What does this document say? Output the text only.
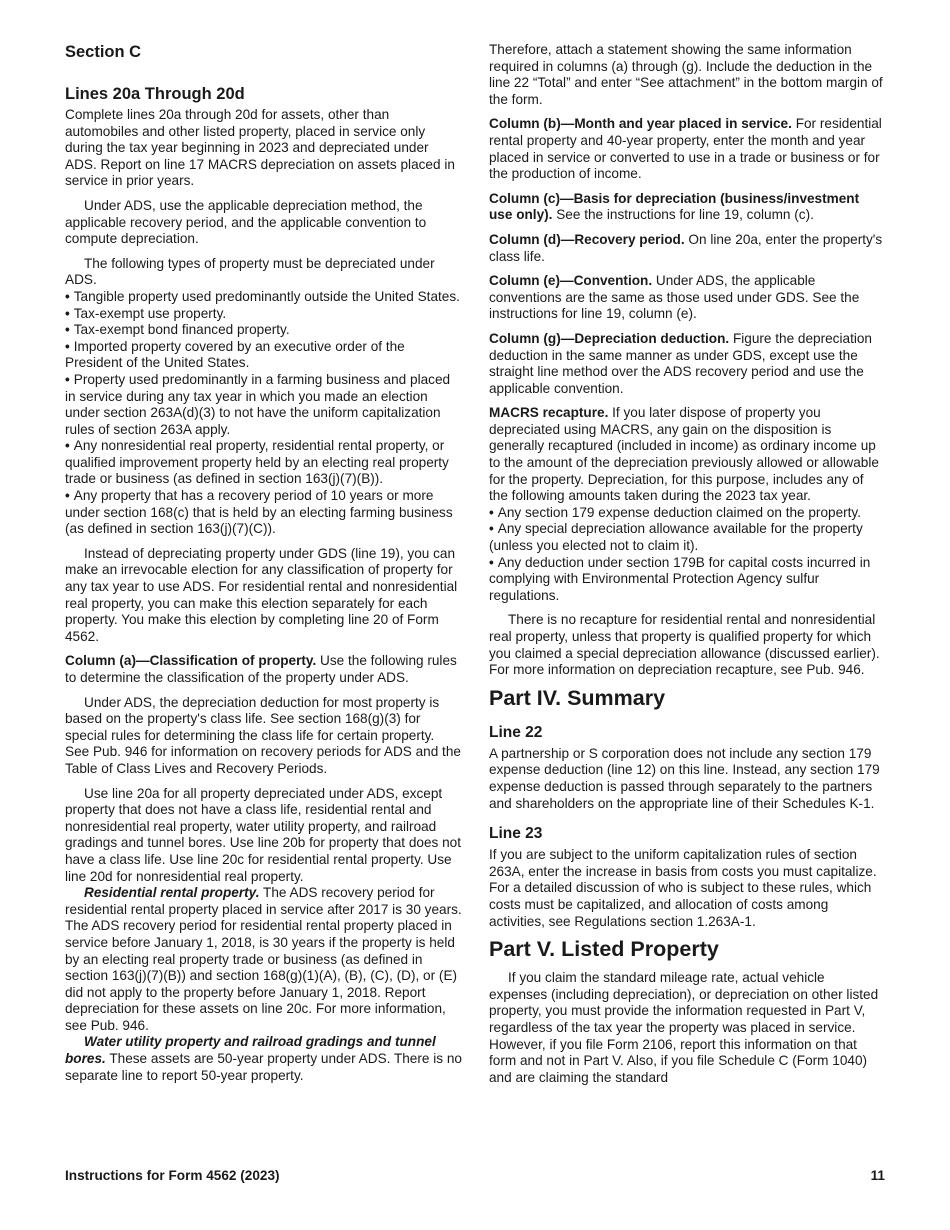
Section C
Lines 20a Through 20d

Complete lines 20a through 20d for assets, other than automobiles and other listed property, placed in service only during the tax year beginning in 2023 and depreciated under ADS. Report on line 17 MACRS depreciation on assets placed in service in prior years.

Under ADS, use the applicable depreciation method, the applicable recovery period, and the applicable convention to compute depreciation.

The following types of property must be depreciated under ADS.

• Tangible property used predominantly outside the United States.
• Tax-exempt use property.
• Tax-exempt bond financed property.
• Imported property covered by an executive order of the President of the United States.
• Property used predominantly in a farming business and placed in service during any tax year in which you made an election under section 263A(d)(3) to not have the uniform capitalization rules of section 263A apply.
• Any nonresidential real property, residential rental property, or qualified improvement property held by an electing real property trade or business (as defined in section 163(j)(7)(B)).
• Any property that has a recovery period of 10 years or more under section 168(c) that is held by an electing farming business (as defined in section 163(j)(7)(C)).

Instead of depreciating property under GDS (line 19), you can make an irrevocable election for any classification of property for any tax year to use ADS. For residential rental and nonresidential real property, you can make this election separately for each property. You make this election by completing line 20 of Form 4562.

Column (a)—Classification of property. Use the following rules to determine the classification of the property under ADS.

Under ADS, the depreciation deduction for most property is based on the property's class life. See section 168(g)(3) for special rules for determining the class life for certain property. See Pub. 946 for information on recovery periods for ADS and the Table of Class Lives and Recovery Periods.

Use line 20a for all property depreciated under ADS, except property that does not have a class life, residential rental and nonresidential real property, water utility property, and railroad gradings and tunnel bores. Use line 20b for property that does not have a class life. Use line 20c for residential rental property. Use line 20d for nonresidential real property.

Residential rental property. The ADS recovery period for residential rental property placed in service after 2017 is 30 years. The ADS recovery period for residential rental property placed in service before January 1, 2018, is 30 years if the property is held by an electing real property trade or business (as defined in section 163(j)(7)(B)) and section 168(g)(1)(A), (B), (C), (D), or (E) did not apply to the property before January 1, 2018. Report depreciation for these assets on line 20c. For more information, see Pub. 946.

Water utility property and railroad gradings and tunnel bores. These assets are 50-year property under ADS. There is no separate line to report 50-year property.

Therefore, attach a statement showing the same information required in columns (a) through (g). Include the deduction in the line 22 “Total” and enter “See attachment” in the bottom margin of the form.

Column (b)—Month and year placed in service. For residential rental property and 40-year property, enter the month and year placed in service or converted to use in a trade or business or for the production of income.

Column (c)—Basis for depreciation (business/investment use only). See the instructions for line 19, column (c).

Column (d)—Recovery period. On line 20a, enter the property's class life.

Column (e)—Convention. Under ADS, the applicable conventions are the same as those used under GDS. See the instructions for line 19, column (e).

Column (g)—Depreciation deduction. Figure the depreciation deduction in the same manner as under GDS, except use the straight line method over the ADS recovery period and use the applicable convention.

MACRS recapture. If you later dispose of property you depreciated using MACRS, any gain on the disposition is generally recaptured (included in income) as ordinary income up to the amount of the depreciation previously allowed or allowable for the property. Depreciation, for this purpose, includes any of the following amounts taken during the 2023 tax year.

• Any section 179 expense deduction claimed on the property.
• Any special depreciation allowance available for the property (unless you elected not to claim it).
• Any deduction under section 179B for capital costs incurred in complying with Environmental Protection Agency sulfur regulations.

There is no recapture for residential rental and nonresidential real property, unless that property is qualified property for which you claimed a special depreciation allowance (discussed earlier). For more information on depreciation recapture, see Pub. 946.

Part IV. Summary
Line 22

A partnership or S corporation does not include any section 179 expense deduction (line 12) on this line. Instead, any section 179 expense deduction is passed through separately to the partners and shareholders on the appropriate line of their Schedules K-1.

Line 23

If you are subject to the uniform capitalization rules of section 263A, enter the increase in basis from costs you must capitalize. For a detailed discussion of who is subject to these rules, which costs must be capitalized, and allocation of costs among activities, see Regulations section 1.263A-1.

Part V. Listed Property

If you claim the standard mileage rate, actual vehicle expenses (including depreciation), or depreciation on other listed property, you must provide the information requested in Part V, regardless of the tax year the property was placed in service. However, if you file Form 2106, report this information on that form and not in Part V. Also, if you file Schedule C (Form 1040) and are claiming the standard

Instructions for Form 4562 (2023)	11
